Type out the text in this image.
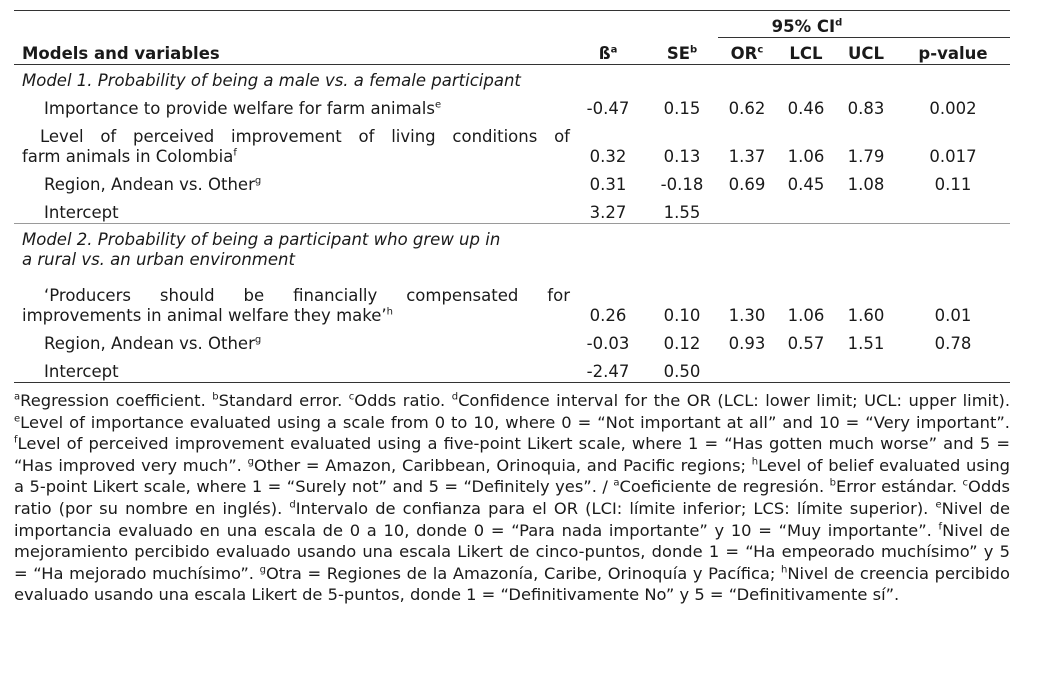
			95% $CI^d$	
Models and variables	$ß^a$	$SE^b$	$OR^c$	LCL	UCL	p-value
Model 1. Probability of being a male vs. a female participant						
Importance to provide welfare for farm animals$^e$	-0.47	0.15	0.62	0.46	0.83	0.002

Level of perceived improvement of living conditions of
farm animals in Colombia$^f$	0.32	0.13	1.37	1.06	1.79	0.017
Region, Andean vs. Other$^g$	0.31	-0.18	0.69	0.45	1.08	0.11
Intercept	3.27	1.55				

Model 2. Probability of being a participant who grew up in
a rural vs. an urban environment						

‘Producers should be financially compensated for
improvements in animal welfare they make’$^h$	0.26	0.10	1.30	1.06	1.60	0.01
Region, Andean vs. Other$^g$	-0.03	0.12	0.93	0.57	1.51	0.78
Intercept	-2.47	0.50				

$^a$Regression coefficient. $^b$Standard error. $^c$Odds ratio. $^d$Confidence interval for the OR (LCL: lower limit; UCL: upper limit). $^e$Level of importance evaluated using a scale from 0 to 10, where 0 = “Not important at all” and 10 = “Very important”. $^f$Level of perceived improvement evaluated using a five-point Likert scale, where 1 = “Has gotten much worse” and 5 = “Has improved very much”. $^g$Other = Amazon, Caribbean, Orinoquia, and Pacific regions; $^h$Level of belief evaluated using a 5-point Likert scale, where 1 = “Surely not” and 5 = “Definitely yes”. / $^a$Coeficiente de regresión. $^b$Error estándar. $^c$Odds ratio (por su nombre en inglés). $^d$Intervalo de confianza para el OR (LCI: límite inferior; LCS: límite superior). $^e$Nivel de importancia evaluado en una escala de 0 a 10, donde 0 = “Para nada importante” y 10 = “Muy importante”. $^f$Nivel de mejoramiento percibido evaluado usando una escala Likert de cinco-puntos, donde 1 = “Ha empeorado muchísimo” y 5 = “Ha mejorado muchísimo”. $^g$Otra = Regiones de la Amazonía, Caribe, Orinoquía y Pacífica; $^h$Nivel de creencia percibido evaluado usando una escala Likert de 5-puntos, donde 1 = “Definitivamente No” y 5 = “Definitivamente sí”.
